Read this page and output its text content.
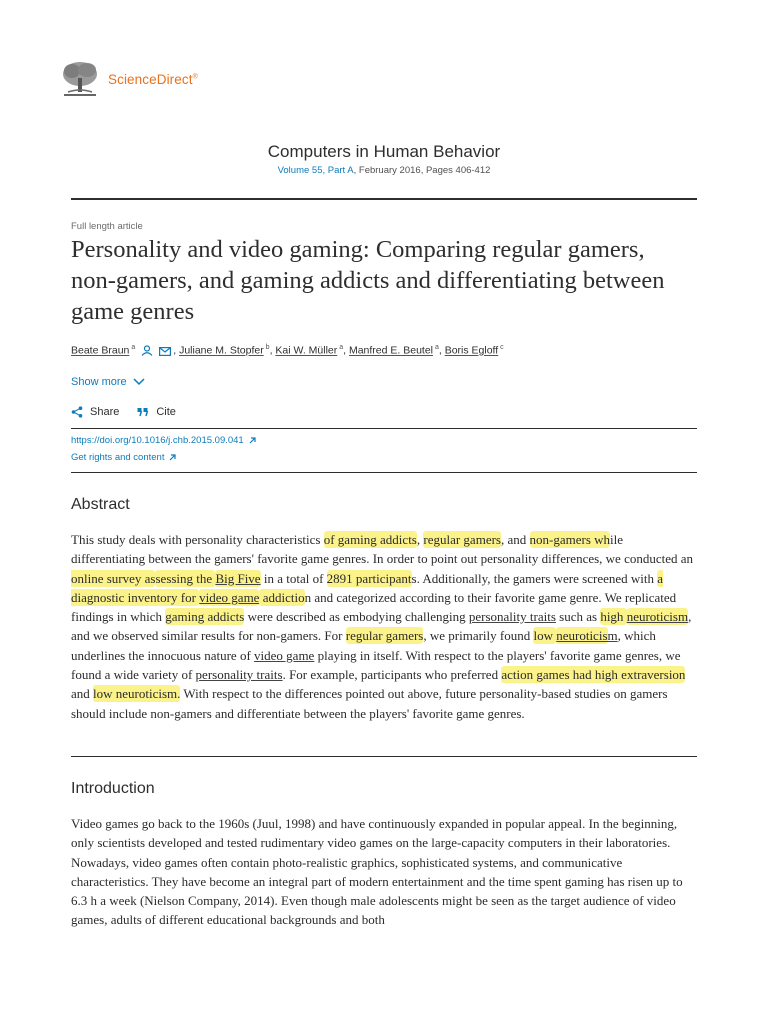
ScienceDirect®
Computers in Human Behavior
Volume 55, Part A, February 2016, Pages 406-412
Full length article
Personality and video gaming: Comparing regular gamers, non-gamers, and gaming addicts and differentiating between game genres
Beate Braun $^a$	, Juliane M. Stopfer $^b$, Kai W. Müller $^a$, Manfred E. Beutel $^a$, Boris Egloff $^c$
Show more
Share	Cite
https://doi.org/10.1016/j.chb.2015.09.041
Get rights and content
Abstract

This study deals with personality characteristics of gaming addicts, regular gamers, and non-gamers while differentiating between the gamers' favorite game genres. In order to point out personality differences, we conducted an online survey assessing the Big Five in a total of 2891 participants. Additionally, the gamers were screened with a diagnostic inventory for video game addiction and categorized according to their favorite game genre. We replicated findings in which gaming addicts were described as embodying challenging personality traits such as high neuroticism, and we observed similar results for non-gamers. For regular gamers, we primarily found low neuroticism, which underlines the innocuous nature of video game playing in itself. With respect to the players' favorite game genres, we found a wide variety of personality traits. For example, participants who preferred action games had high extraversion and low neuroticism. With respect to the differences pointed out above, future personality-based studies on gamers should include non-gamers and differentiate between the players' favorite game genres.

Introduction

Video games go back to the 1960s (Juul, 1998) and have continuously expanded in popular appeal. In the beginning, only scientists developed and tested rudimentary video games on the large-capacity computers in their laboratories. Nowadays, video games often contain photo-realistic graphics, sophisticated systems, and communicative characteristics. They have become an integral part of modern entertainment and the time spent gaming has risen up to 6.3 h a week (Nielson Company, 2014). Even though male adolescents might be seen as the target audience of video games, adults of different educational backgrounds and both
